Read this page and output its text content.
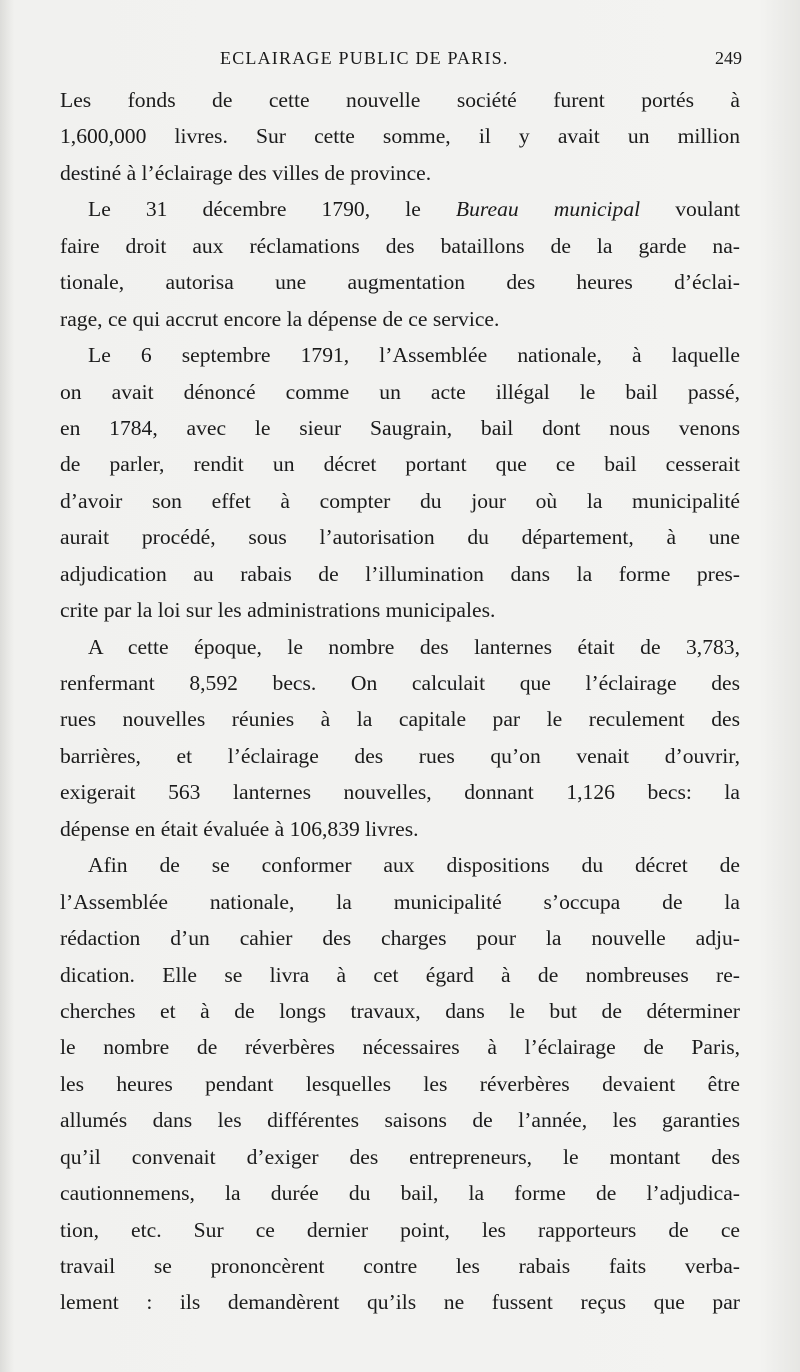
ECLAIRAGE PUBLIC DE PARIS.	249
Les fonds de cette nouvelle société furent portés à
1,600,000 livres. Sur cette somme, il y avait un million
destiné à l’éclairage des villes de province.
Le 31 décembre 1790, le Bureau municipal voulant
faire droit aux réclamations des bataillons de la garde na-
tionale, autorisa une augmentation des heures d’éclai-
rage, ce qui accrut encore la dépense de ce service.
Le 6 septembre 1791, l’Assemblée nationale, à laquelle
on avait dénoncé comme un acte illégal le bail passé,
en 1784, avec le sieur Saugrain, bail dont nous venons
de parler, rendit un décret portant que ce bail cesserait
d’avoir son effet à compter du jour où la municipalité
aurait procédé, sous l’autorisation du département, à une
adjudication au rabais de l’illumination dans la forme pres-
crite par la loi sur les administrations municipales.
A cette époque, le nombre des lanternes était de 3,783,
renfermant 8,592 becs. On calculait que l’éclairage des
rues nouvelles réunies à la capitale par le reculement des
barrières, et l’éclairage des rues qu’on venait d’ouvrir,
exigerait 563 lanternes nouvelles, donnant 1,126 becs: la
dépense en était évaluée à 106,839 livres.
Afin de se conformer aux dispositions du décret de
l’Assemblée nationale, la municipalité s’occupa de la
rédaction d’un cahier des charges pour la nouvelle adju-
dication. Elle se livra à cet égard à de nombreuses re-
cherches et à de longs travaux, dans le but de déterminer
le nombre de réverbères nécessaires à l’éclairage de Paris,
les heures pendant lesquelles les réverbères devaient être
allumés dans les différentes saisons de l’année, les garanties
qu’il convenait d’exiger des entrepreneurs, le montant des
cautionnemens, la durée du bail, la forme de l’adjudica-
tion, etc. Sur ce dernier point, les rapporteurs de ce
travail se prononcèrent contre les rabais faits verba-
lement : ils demandèrent qu’ils ne fussent reçus que par
